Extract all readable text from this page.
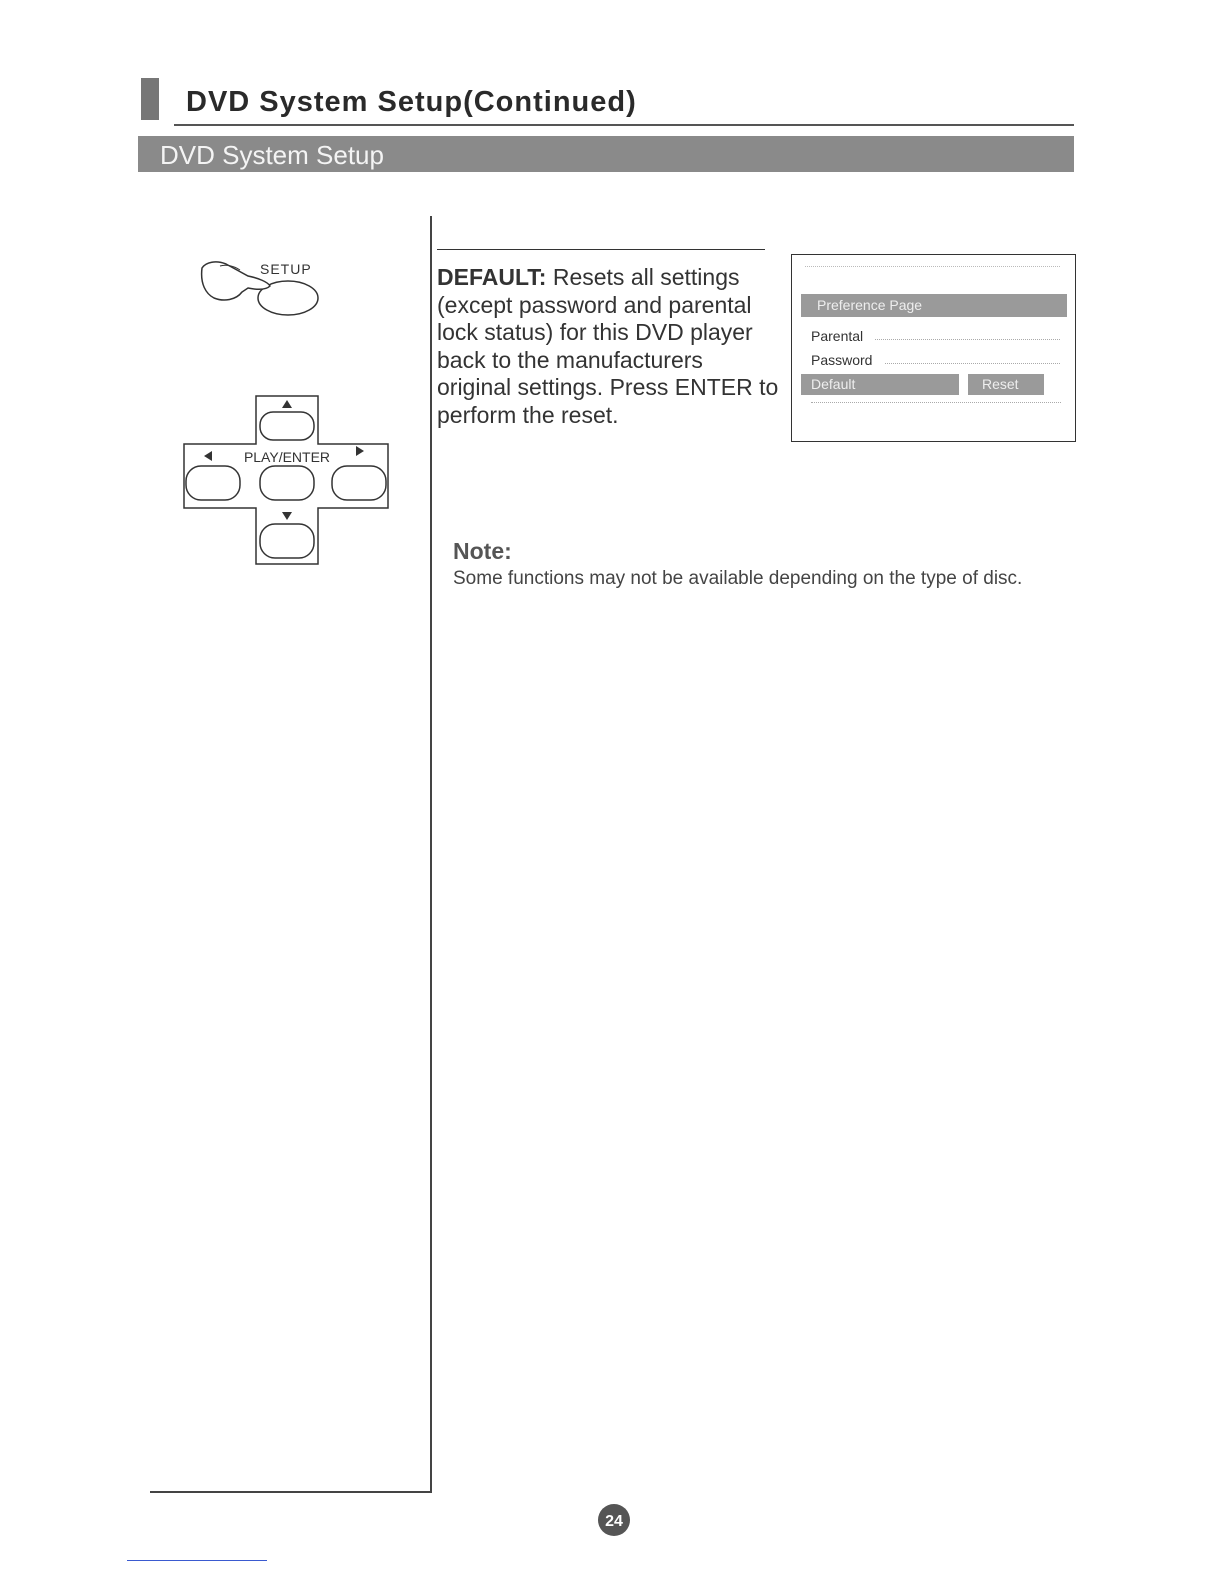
DVD System Setup(Continued)
DVD System Setup
SETUP
PLAY/ENTER
DEFAULT: Resets all settings (except password and parental lock status) for this DVD player back to the manufacturers original settings. Press ENTER to perform the reset.
Preference Page
Parental
Password
Default	Reset
Note:
Some functions may not be available depending on the type of disc.
24
